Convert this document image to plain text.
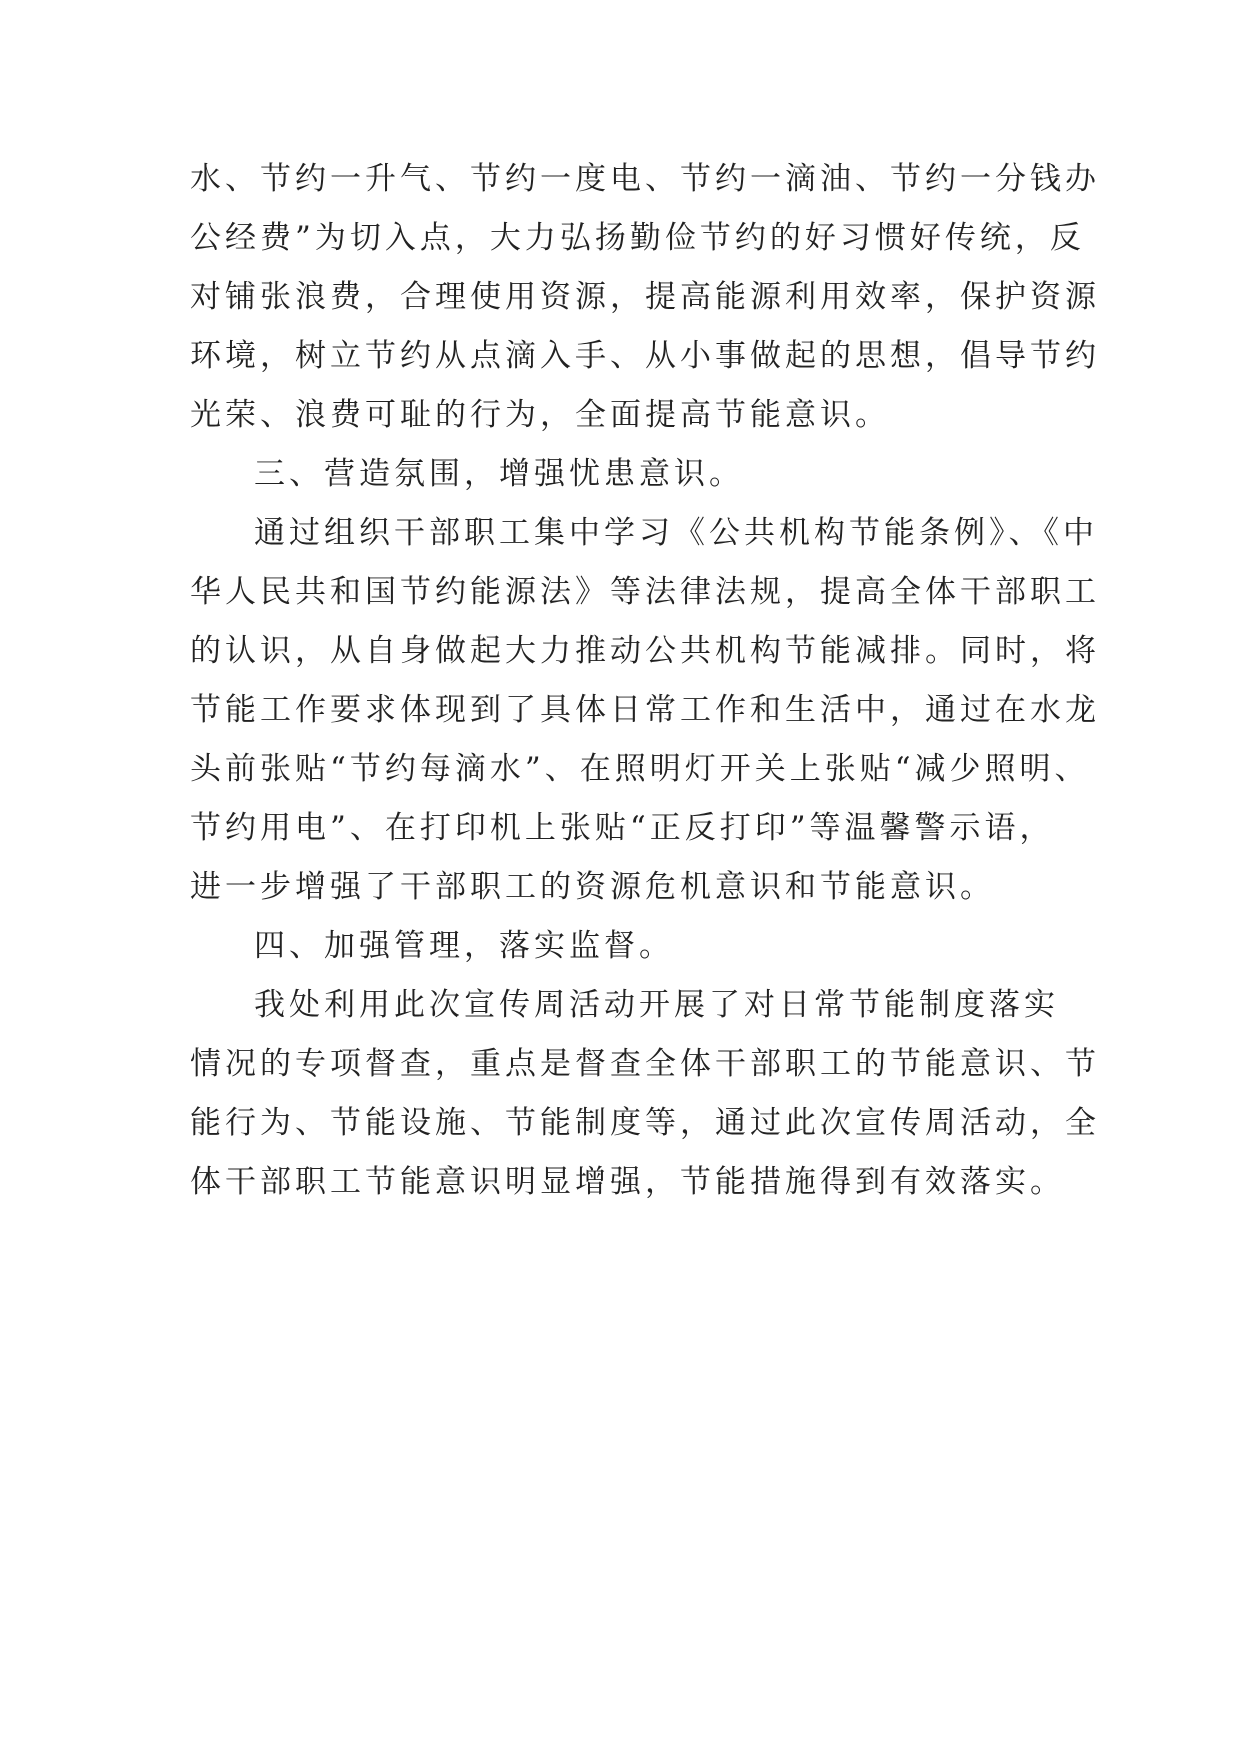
水、节约一升气、节约一度电、节约一滴油、节约一分钱办
公经费”为切入点，大力弘扬勤俭节约的好习惯好传统，反
对铺张浪费，合理使用资源，提高能源利用效率，保护资源
环境，树立节约从点滴入手、从小事做起的思想，倡导节约
光荣、浪费可耻的行为，全面提高节能意识。
三、营造氛围，增强忧患意识。
通过组织干部职工集中学习《公共机构节能条例》、《中
华人民共和国节约能源法》等法律法规，提高全体干部职工
的认识，从自身做起大力推动公共机构节能减排。同时，将
节能工作要求体现到了具体日常工作和生活中，通过在水龙
头前张贴“节约每滴水”、在照明灯开关上张贴“减少照明、
节约用电”、在打印机上张贴“正反打印”等温馨警示语，
进一步增强了干部职工的资源危机意识和节能意识。
四、加强管理，落实监督。
我处利用此次宣传周活动开展了对日常节能制度落实
情况的专项督查，重点是督查全体干部职工的节能意识、节
能行为、节能设施、节能制度等，通过此次宣传周活动，全
体干部职工节能意识明显增强，节能措施得到有效落实。
